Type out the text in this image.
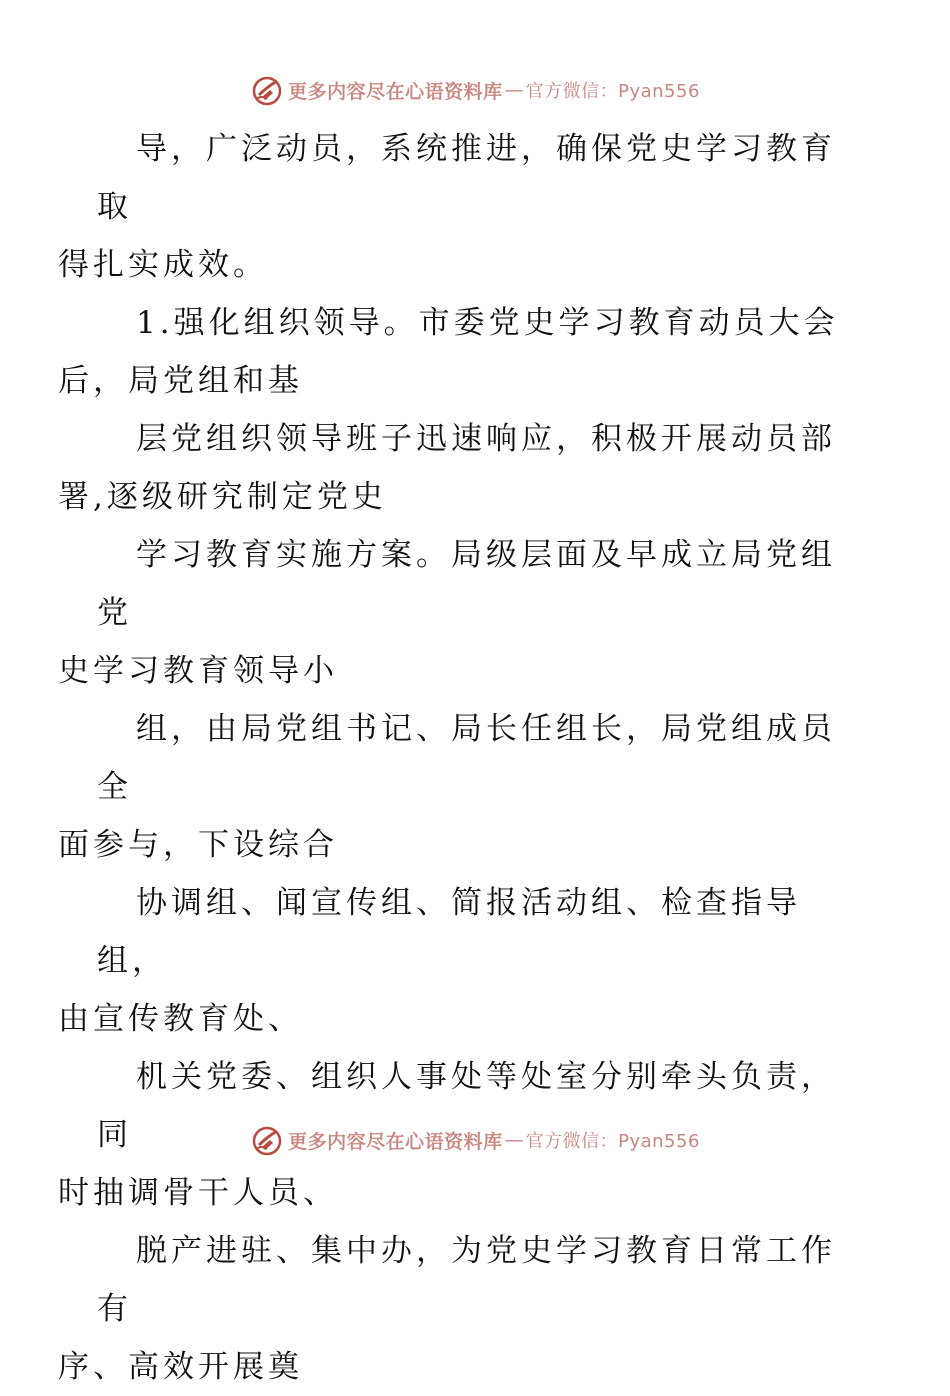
更多内容尽在心语资料库 — 官方微信：Pyan556

导，广泛动员，系统推进，确保党史学习教育取
得扎实成效。

1.强化组织领导。市委党史学习教育动员大会
后，局党组和基

层党组织领导班子迅速响应，积极开展动员部
署,逐级研究制定党史

学习教育实施方案。局级层面及早成立局党组党
史学习教育领导小

组，由局党组书记、局长任组长，局党组成员全
面参与，下设综合

协调组、闻宣传组、简报活动组、检查指导组，
由宣传教育处、

机关党委、组织人事处等处室分别牵头负责，同
时抽调骨干人员、

脱产进驻、集中办，为党史学习教育日常工作有
序、高效开展奠

更多内容尽在心语资料库 — 官方微信：Pyan556
